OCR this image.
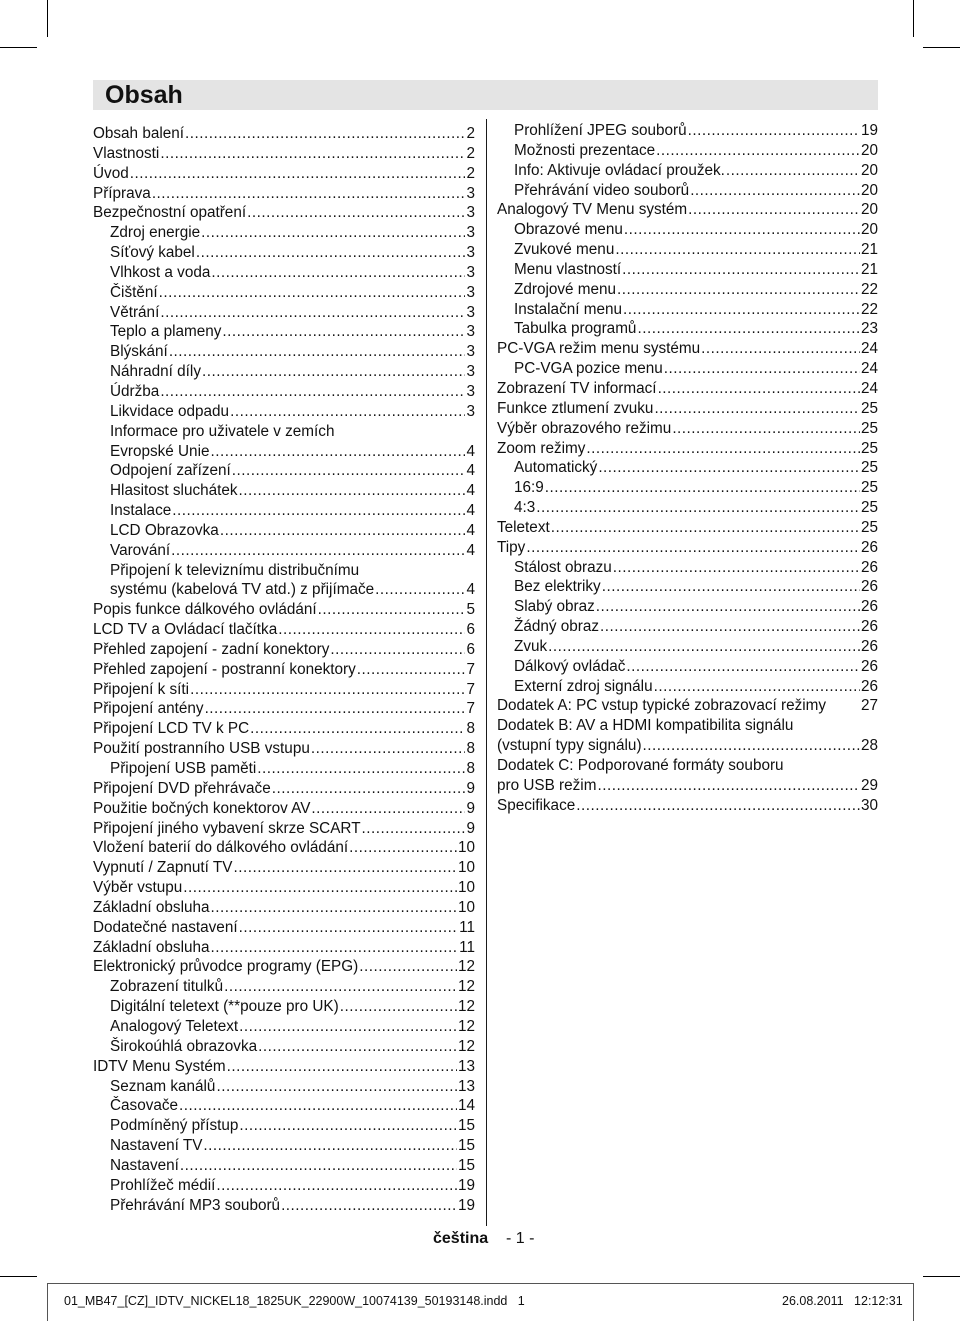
Obsah
Obsah balení .....	2
Vlastnosti .....	2
Úvod .....	2
Příprava .....	3
Bezpečnostní opatření .....	3
Zdroj energie .....	3
Síťový kabel .....	3
Vlhkost a voda .....	3
Čištění .....	3
Větrání .....	3
Teplo a plameny .....	3
Blýskání .....	3
Náhradní díly .....	3
Údržba .....	3
Likvidace odpadu .....	3
Informace pro uživatele v zemích
Evropské Unie .....	4
Odpojení zařízení .....	4
Hlasitost sluchátek .....	4
Instalace .....	4
LCD Obrazovka .....	4
Varování .....	4
Připojení k televiznímu distribučnímu
systému (kabelová TV atd.) z přijímače .....	4
Popis funkce dálkového ovládání .....	5
LCD TV a Ovládací tlačítka .....	6
Přehled zapojení - zadní konektory .....	6
Přehled zapojení - postranní konektory .....	7
Připojení k síti .....	7
Připojení antény .....	7
Připojení LCD TV k PC .....	8
Použití postranního USB vstupu .....	8
Připojení USB paměti .....	8
Připojení DVD přehrávače .....	9
Použitie bočných konektorov AV .....	9
Připojení jiného vybavení skrze SCART .....	9
Vložení baterií do dálkového ovládání .....	10
Vypnutí / Zapnutí TV .....	10
Výběr vstupu .....	10
Základní obsluha .....	10
Dodatečné nastavení .....	11
Základní obsluha .....	11
Elektronický průvodce programy (EPG) .....	12
Zobrazení titulků .....	12
Digitální teletext (**pouze pro UK) .....	12
Analogový Teletext .....	12
Širokoúhlá obrazovka .....	12
IDTV Menu Systém .....	13
Seznam kanálů .....	13
Časovače .....	14
Podmíněný přístup .....	15
Nastavení TV .....	15
Nastavení .....	15
Prohlížeč médií .....	19
Přehrávání MP3 souborů .....	19
Prohlížení JPEG souborů .....	19
Možnosti prezentace .....	20
Info: Aktivuje ovládací proužek. .....	20
Přehrávání video souborů .....	20
Analogový TV Menu systém .....	20
Obrazové menu .....	20
Zvukové menu .....	21
Menu vlastností .....	21
Zdrojové menu .....	22
Instalační menu .....	22
Tabulka programů .....	23
PC-VGA režim menu systému .....	24
PC-VGA pozice menu .....	24
Zobrazení TV informací .....	24
Funkce ztlumení zvuku .....	25
Výběr obrazového režimu .....	25
Zoom režimy .....	25
Automatický .....	25
16:9 .....	25
4:3 .....	25
Teletext .....	25
Tipy .....	26
Stálost obrazu .....	26
Bez elektriky .....	26
Slabý obraz .....	26
Žádný obraz .....	26
Zvuk .....	26
Dálkový ovládač .....	26
Externí zdroj signálu .....	26
Dodatek A: PC vstup typické zobrazovací režimy 27
Dodatek B: AV a HDMI kompatibilita signálu
(vstupní typy signálu) .....	28
Dodatek C: Podporované formáty souboru
pro USB režim .....	29
Specifikace .....	30
čeština - 1 -
01_MB47_[CZ]_IDTV_NICKEL18_1825UK_22900W_10074139_50193148.indd   1	26.08.2011   12:12:31
